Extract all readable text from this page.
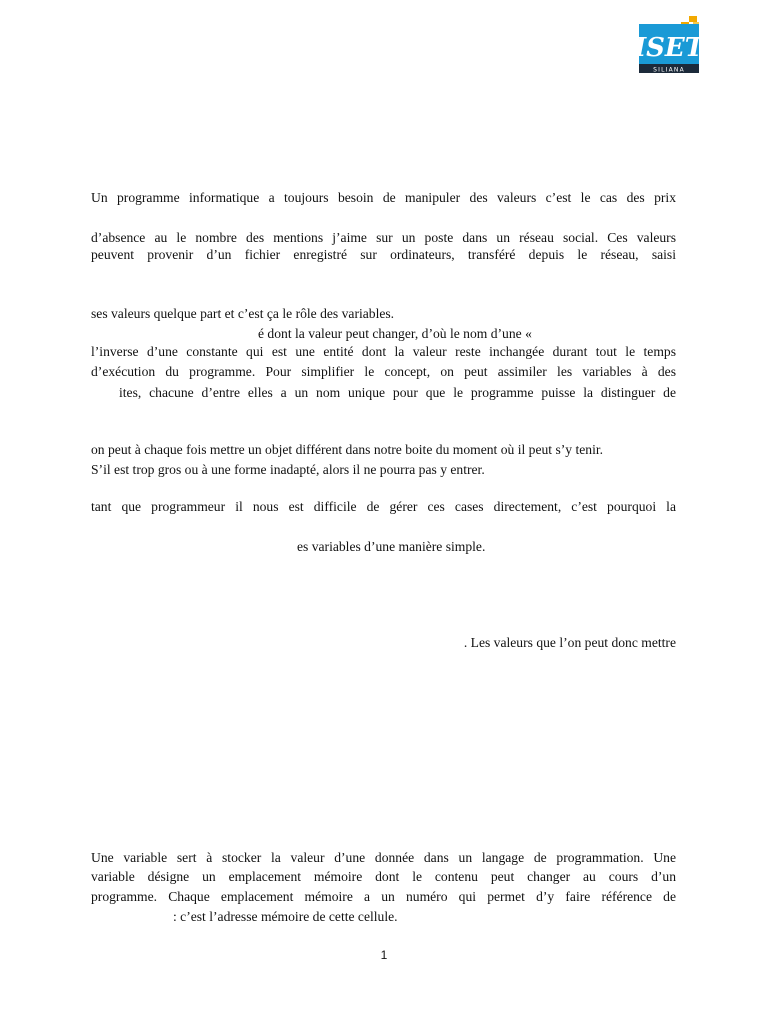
ISET
SILIANA
Un programme informatique a toujours besoin de manipuler des valeurs c’est le cas des prix
d’absence au le nombre des mentions j’aime sur un poste dans un réseau social. Ces valeurs
peuvent provenir d’un fichier enregistré sur ordinateurs, transféré depuis le réseau, saisi
ses valeurs quelque part et c’est ça le rôle des variables.
é dont la valeur peut changer, d’où le nom d’une «
l’inverse d’une constante qui est une entité dont la valeur reste inchangée durant tout le temps
d’exécution du programme. Pour simplifier le concept, on peut assimiler les variables à des
ites, chacune d’entre elles a un nom unique pour que le programme puisse la distinguer de
on peut à chaque fois mettre un objet différent dans notre boite du moment où il peut s’y tenir.
S’il est trop gros ou à une forme inadapté, alors il ne pourra pas y entrer.
tant que programmeur il nous est difficile de gérer ces cases directement, c’est pourquoi la
es variables d’une manière simple.
. Les valeurs que l’on peut donc mettre
Une variable sert à stocker la valeur d’une donnée dans un langage de programmation. Une
variable désigne un emplacement mémoire dont le contenu peut changer au cours d’un
programme. Chaque emplacement mémoire a un numéro qui permet d’y faire référence de
: c’est l’adresse mémoire de cette cellule.
1
